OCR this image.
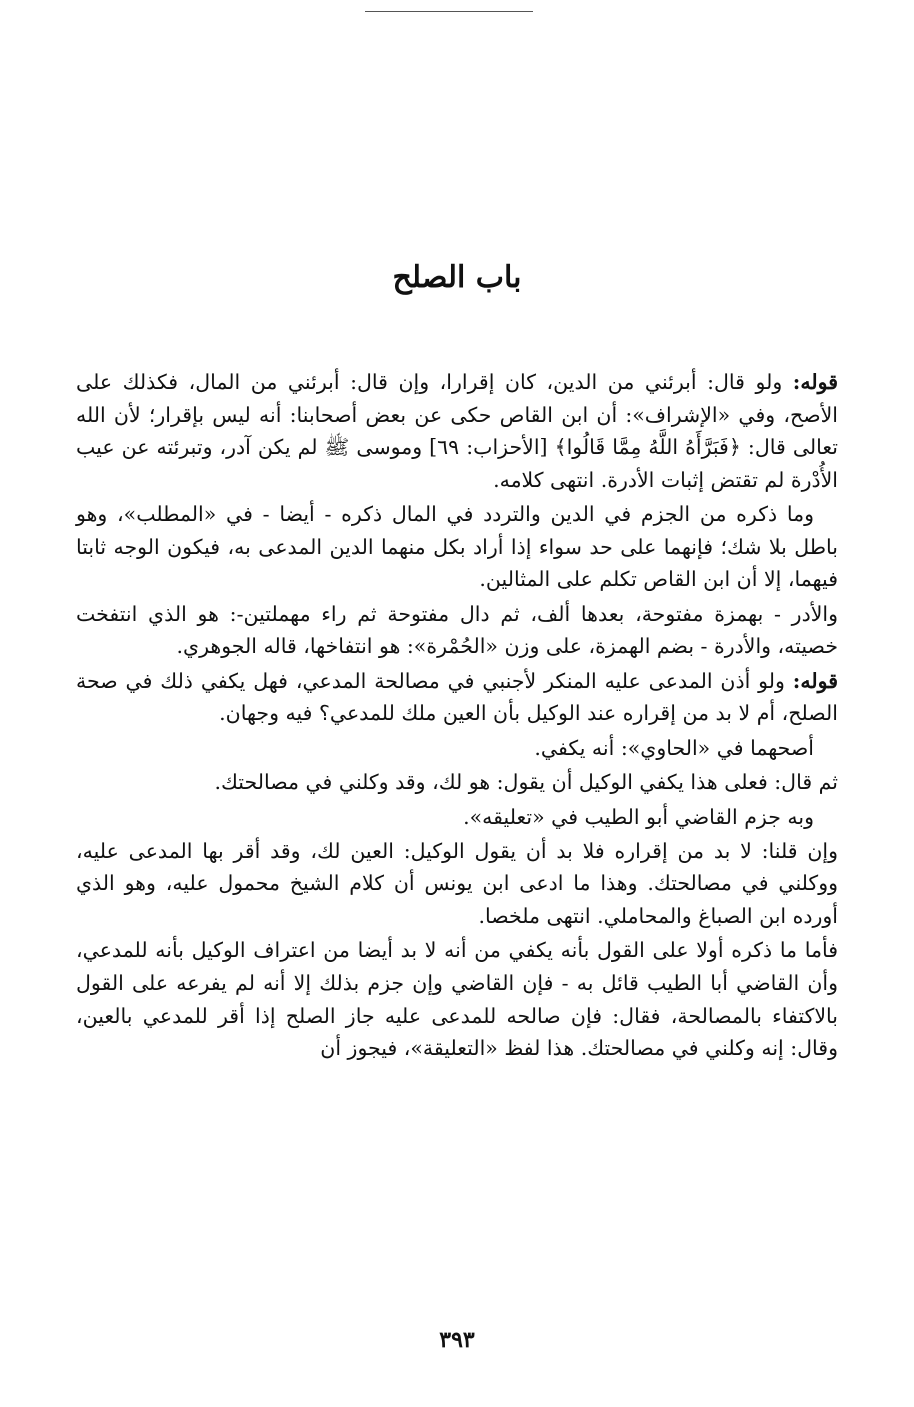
باب الصلح

قوله: ولو قال: أبرئني من الدين، كان إقرارا، وإن قال: أبرئني من المال، فكذلك على الأصح، وفي «الإشراف»: أن ابن القاص حكى عن بعض أصحابنا: أنه ليس بإقرار؛ لأن الله تعالى قال: ﴿فَبَرَّأَهُ اللَّهُ مِمَّا قَالُوا﴾ [الأحزاب: ٦٩] وموسى ﷺ لم يكن آدر، وتبرئته عن عيب الأُدْرة لم تقتض إثبات الأدرة. انتهى كلامه.

وما ذكره من الجزم في الدين والتردد في المال ذكره - أيضا - في «المطلب»، وهو باطل بلا شك؛ فإنهما على حد سواء إذا أراد بكل منهما الدين المدعى به، فيكون الوجه ثابتا فيهما، إلا أن ابن القاص تكلم على المثالين.

والأدر - بهمزة مفتوحة، بعدها ألف، ثم دال مفتوحة ثم راء مهملتين-: هو الذي انتفخت خصيته، والأدرة - بضم الهمزة، على وزن «الحُمْرة»: هو انتفاخها، قاله الجوهري.

قوله: ولو أذن المدعى عليه المنكر لأجنبي في مصالحة المدعي، فهل يكفي ذلك في صحة الصلح، أم لا بد من إقراره عند الوكيل بأن العين ملك للمدعي؟ فيه وجهان.

أصحهما في «الحاوي»: أنه يكفي.

ثم قال: فعلى هذا يكفي الوكيل أن يقول: هو لك، وقد وكلني في مصالحتك.

وبه جزم القاضي أبو الطيب في «تعليقه».

وإن قلنا: لا بد من إقراره فلا بد أن يقول الوكيل: العين لك، وقد أقر بها المدعى عليه، ووكلني في مصالحتك. وهذا ما ادعى ابن يونس أن كلام الشيخ محمول عليه، وهو الذي أورده ابن الصباغ والمحاملي. انتهى ملخصا.

فأما ما ذكره أولا على القول بأنه يكفي من أنه لا بد أيضا من اعتراف الوكيل بأنه للمدعي، وأن القاضي أبا الطيب قائل به - فإن القاضي وإن جزم بذلك إلا أنه لم يفرعه على القول بالاكتفاء بالمصالحة، فقال: فإن صالحه للمدعى عليه جاز الصلح إذا أقر للمدعي بالعين، وقال: إنه وكلني في مصالحتك. هذا لفظ «التعليقة»، فيجوز أن

٣٩٣
